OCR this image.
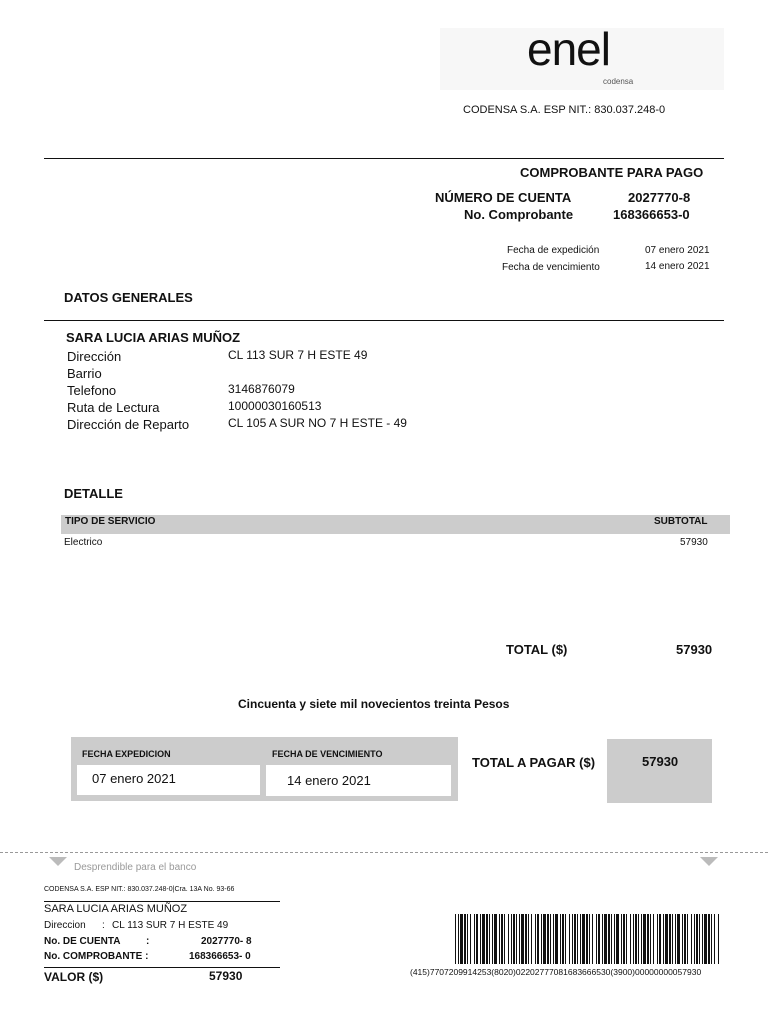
enel
codensa
CODENSA S.A. ESP NIT.: 830.037.248-0
COMPROBANTE PARA PAGO
NÚMERO DE CUENTA	2027770-8
No. Comprobante	168366653-0
Fecha de expedición	07 enero 2021
Fecha de vencimiento	14 enero 2021
DATOS GENERALES
SARA LUCIA ARIAS MUÑOZ
Dirección	CL 113 SUR 7 H ESTE 49
Barrio
Telefono	3146876079
Ruta de Lectura	10000030160513
Dirección de Reparto	CL 105 A SUR NO 7 H ESTE - 49
DETALLE
TIPO DE SERVICIO	SUBTOTAL
Electrico	57930
TOTAL ($)	57930
Cincuenta y siete mil novecientos treinta Pesos
FECHA EXPEDICION	FECHA DE VENCIMIENTO
07 enero 2021	14 enero 2021
TOTAL A PAGAR ($)	57930
Desprendible para el banco
CODENSA S.A. ESP NIT.: 830.037.248-0|Cra. 13A No. 93-66
SARA LUCIA ARIAS MUÑOZ
Direccion : CL 113 SUR 7 H ESTE 49
No. DE CUENTA	:	2027770- 8
No. COMPROBANTE :	168366653- 0
VALOR ($)	57930	(415)7707209914253(8020)02202777081683666530(3900)00000000057930
